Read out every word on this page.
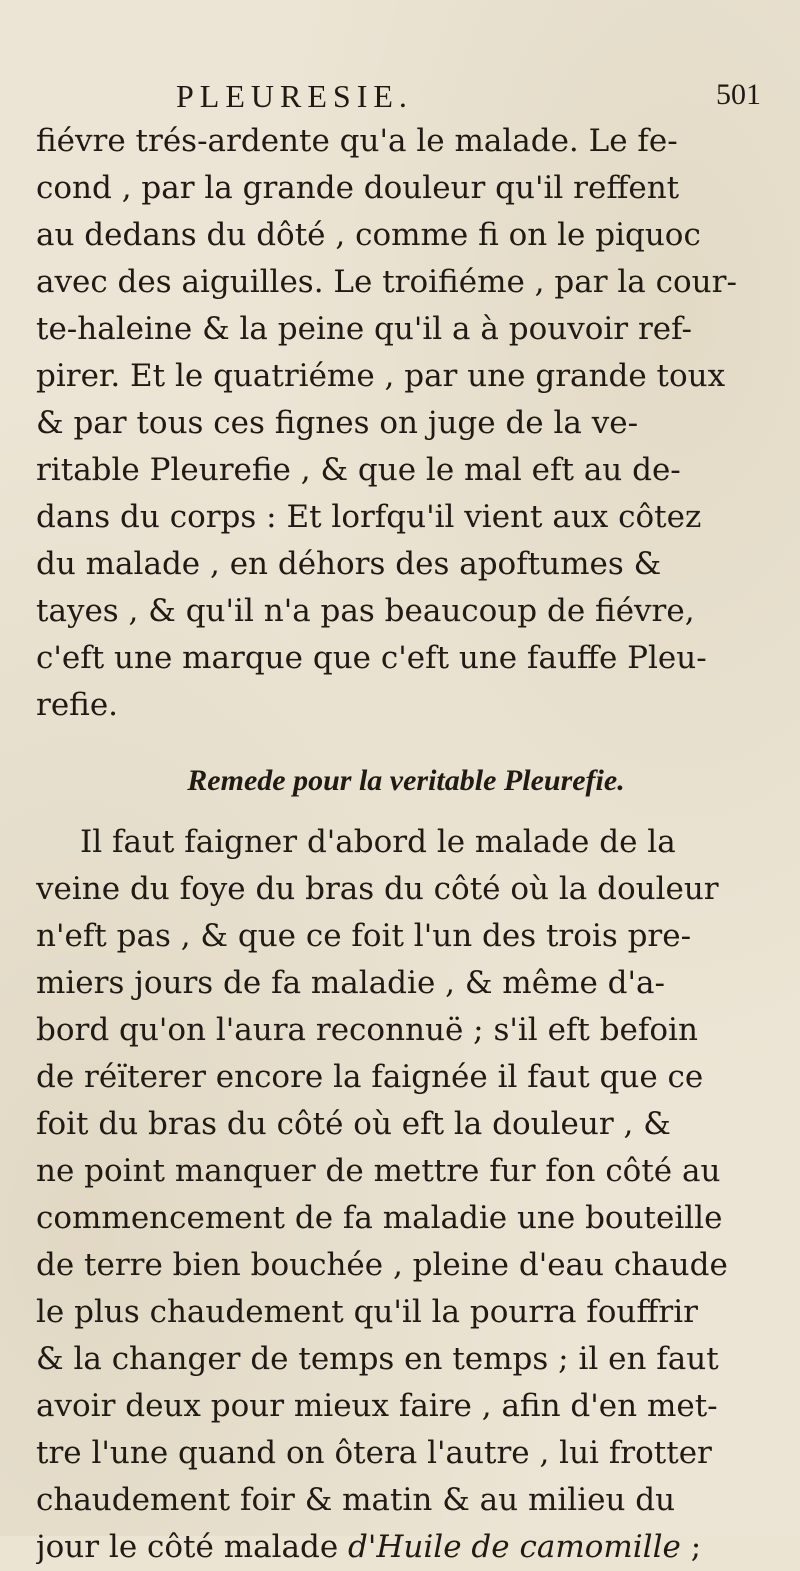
PLEURESIE.	501
fiévre trés-ardente qu'a le malade. Le fe-
cond , par la grande douleur qu'il reffent
au dedans du dôté , comme fi on le piquoc
avec des aiguilles. Le troifiéme , par la cour-
te-haleine & la peine qu'il a à pouvoir ref-
pirer. Et le quatriéme , par une grande toux
& par tous ces fignes on juge de la ve-
ritable Pleurefie , & que le mal eft au de-
dans du corps : Et lorfqu'il vient aux côtez
du malade , en déhors des apoftumes &
tayes , & qu'il n'a pas beaucoup de fiévre,
c'eft une marque que c'eft une fauffe Pleu-
refie.
Remede pour la veritable Pleurefie.
Il faut faigner d'abord le malade de la
veine du foye du bras du côté où la douleur
n'eft pas , & que ce foit l'un des trois pre-
miers jours de fa maladie , & même d'a-
bord qu'on l'aura reconnuë ; s'il eft befoin
de réïterer encore la faignée il faut que ce
foit du bras du côté où eft la douleur , &
ne point manquer de mettre fur fon côté au
commencement de fa maladie une bouteille
de terre bien bouchée , pleine d'eau chaude
le plus chaudement qu'il la pourra fouffrir
& la changer de temps en temps ; il en faut
avoir deux pour mieux faire , afin d'en met-
tre l'une quand on ôtera l'autre , lui frotter
chaudement foir & matin & au milieu du
jour le côté malade d'Huile de camomille ;
